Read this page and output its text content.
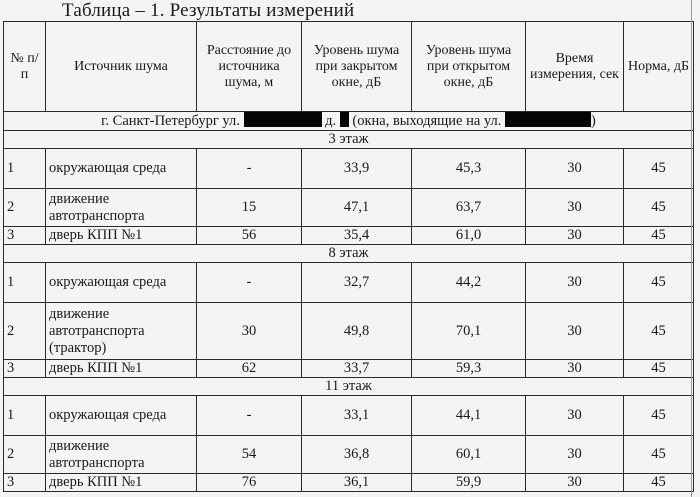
Таблица – 1. Результаты измерений
№ п/п	Источник шума	Расстояние до источника шума, м	Уровень шума при закрытом окне, дБ	Уровень шума при открытом окне, дБ	Время измерения, сек	Норма, дБ
г. Санкт-Петербург ул. д. (окна, выходящие на ул. )						
3 этаж						
1	окружающая среда	-	33,9	45,3	30	45
2	движение автотранспорта	15	47,1	63,7	30	45
3	дверь КПП №1	56	35,4	61,0	30	45
8 этаж						
1	окружающая среда	-	32,7	44,2	30	45
2	движение автотранспорта (трактор)	30	49,8	70,1	30	45
3	дверь КПП №1	62	33,7	59,3	30	45
11 этаж						
1	окружающая среда	-	33,1	44,1	30	45
2	движение автотранспорта	54	36,8	60,1	30	45
3	дверь КПП №1	76	36,1	59,9	30	45
